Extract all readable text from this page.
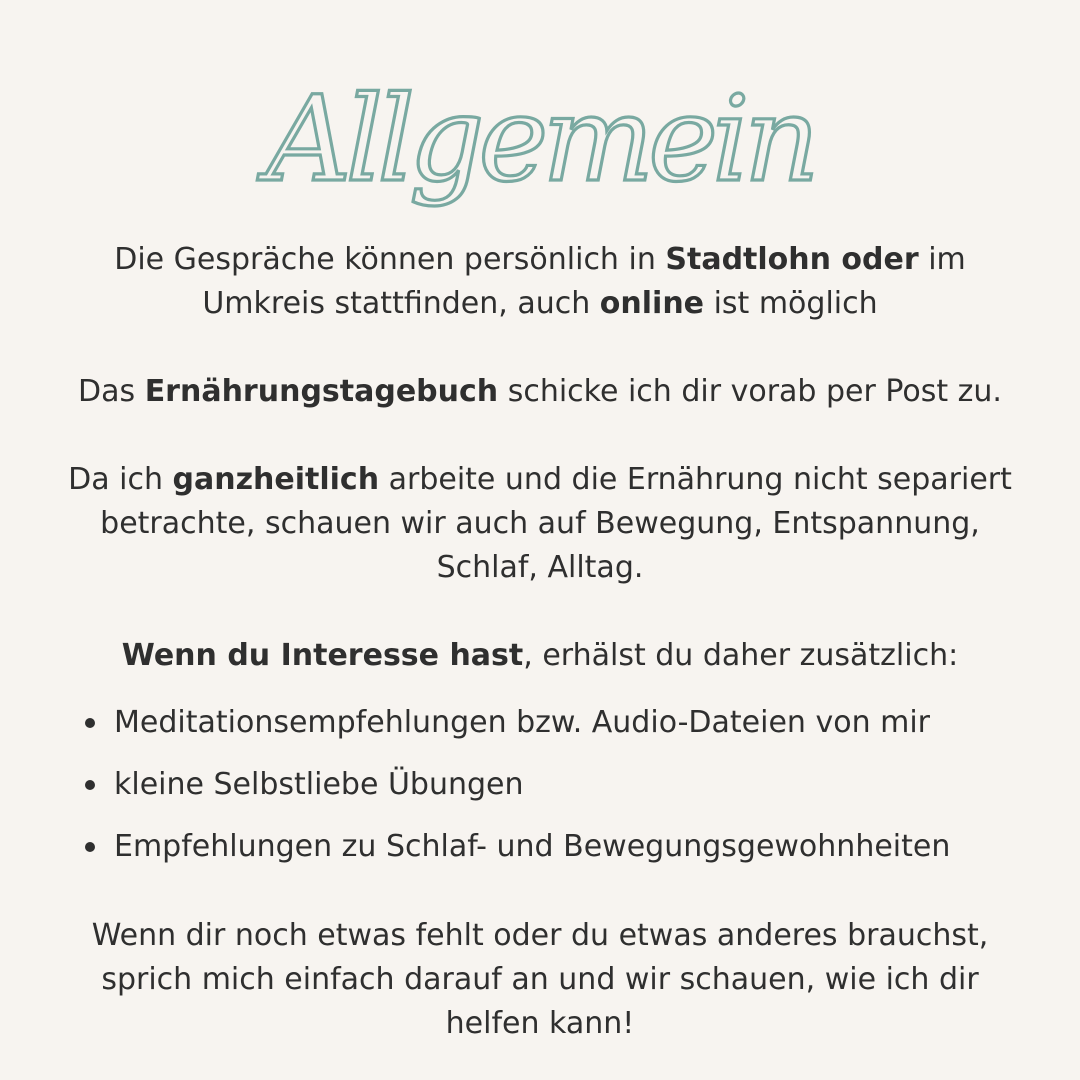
Allgemein

Die Gespräche können persönlich in Stadtlohn oder im
Umkreis stattfinden, auch online ist möglich

Das Ernährungstagebuch schicke ich dir vorab per Post zu.

Da ich ganzheitlich arbeite und die Ernährung nicht separiert
betrachte, schauen wir auch auf Bewegung, Entspannung,
Schlaf, Alltag.

Wenn du Interesse hast, erhälst du daher zusätzlich:

Meditationsempfehlungen bzw. Audio-Dateien von mir
kleine Selbstliebe Übungen
Empfehlungen zu Schlaf- und Bewegungsgewohnheiten

Wenn dir noch etwas fehlt oder du etwas anderes brauchst,
sprich mich einfach darauf an und wir schauen, wie ich dir
helfen kann!
